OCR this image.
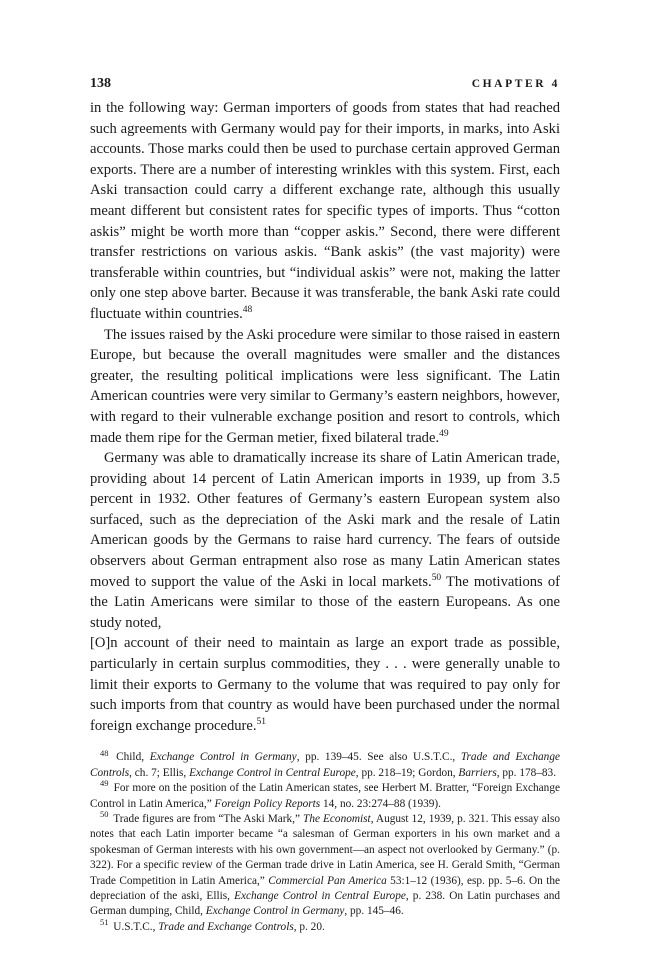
138	CHAPTER 4

in the following way: German importers of goods from states that had reached such agreements with Germany would pay for their imports, in marks, into Aski accounts. Those marks could then be used to purchase certain approved German exports. There are a number of interesting wrinkles with this system. First, each Aski transaction could carry a different exchange rate, although this usually meant different but consistent rates for specific types of imports. Thus “cotton askis” might be worth more than “copper askis.” Second, there were different transfer restrictions on various askis. “Bank askis” (the vast majority) were transferable within countries, but “individual askis” were not, making the latter only one step above barter. Because it was transferable, the bank Aski rate could fluctuate within countries.$^{48}$

The issues raised by the Aski procedure were similar to those raised in eastern Europe, but because the overall magnitudes were smaller and the distances greater, the resulting political implications were less significant. The Latin American countries were very similar to Germany’s eastern neighbors, however, with regard to their vulnerable exchange position and resort to controls, which made them ripe for the German metier, fixed bilateral trade.$^{49}$

Germany was able to dramatically increase its share of Latin American trade, providing about 14 percent of Latin American imports in 1939, up from 3.5 percent in 1932. Other features of Germany’s eastern European system also surfaced, such as the depreciation of the Aski mark and the resale of Latin American goods by the Germans to raise hard currency. The fears of outside observers about German entrapment also rose as many Latin American states moved to support the value of the Aski in local markets.$^{50}$ The motivations of the Latin Americans were similar to those of the eastern Europeans. As one study noted,

[O]n account of their need to maintain as large an export trade as possible, particularly in certain surplus commodities, they . . . were generally unable to limit their exports to Germany to the volume that was required to pay only for such imports from that country as would have been purchased under the normal foreign exchange procedure.$^{51}$

$^{48}$ Child, Exchange Control in Germany, pp. 139–45. See also U.S.T.C., Trade and Exchange Controls, ch. 7; Ellis, Exchange Control in Central Europe, pp. 218–19; Gordon, Barriers, pp. 178–83.

$^{49}$ For more on the position of the Latin American states, see Herbert M. Bratter, “Foreign Exchange Control in Latin America,” Foreign Policy Reports 14, no. 23:274–88 (1939).

$^{50}$ Trade figures are from “The Aski Mark,” The Economist, August 12, 1939, p. 321. This essay also notes that each Latin importer became “a salesman of German exporters in his own market and a spokesman of German interests with his own government—an aspect not overlooked by Germany.” (p. 322). For a specific review of the German trade drive in Latin America, see H. Gerald Smith, “German Trade Competition in Latin America,” Commercial Pan America 53:1–12 (1936), esp. pp. 5–6. On the depreciation of the aski, Ellis, Exchange Control in Central Europe, p. 238. On Latin purchases and German dumping, Child, Exchange Control in Germany, pp. 145–46.

$^{51}$ U.S.T.C., Trade and Exchange Controls, p. 20.
